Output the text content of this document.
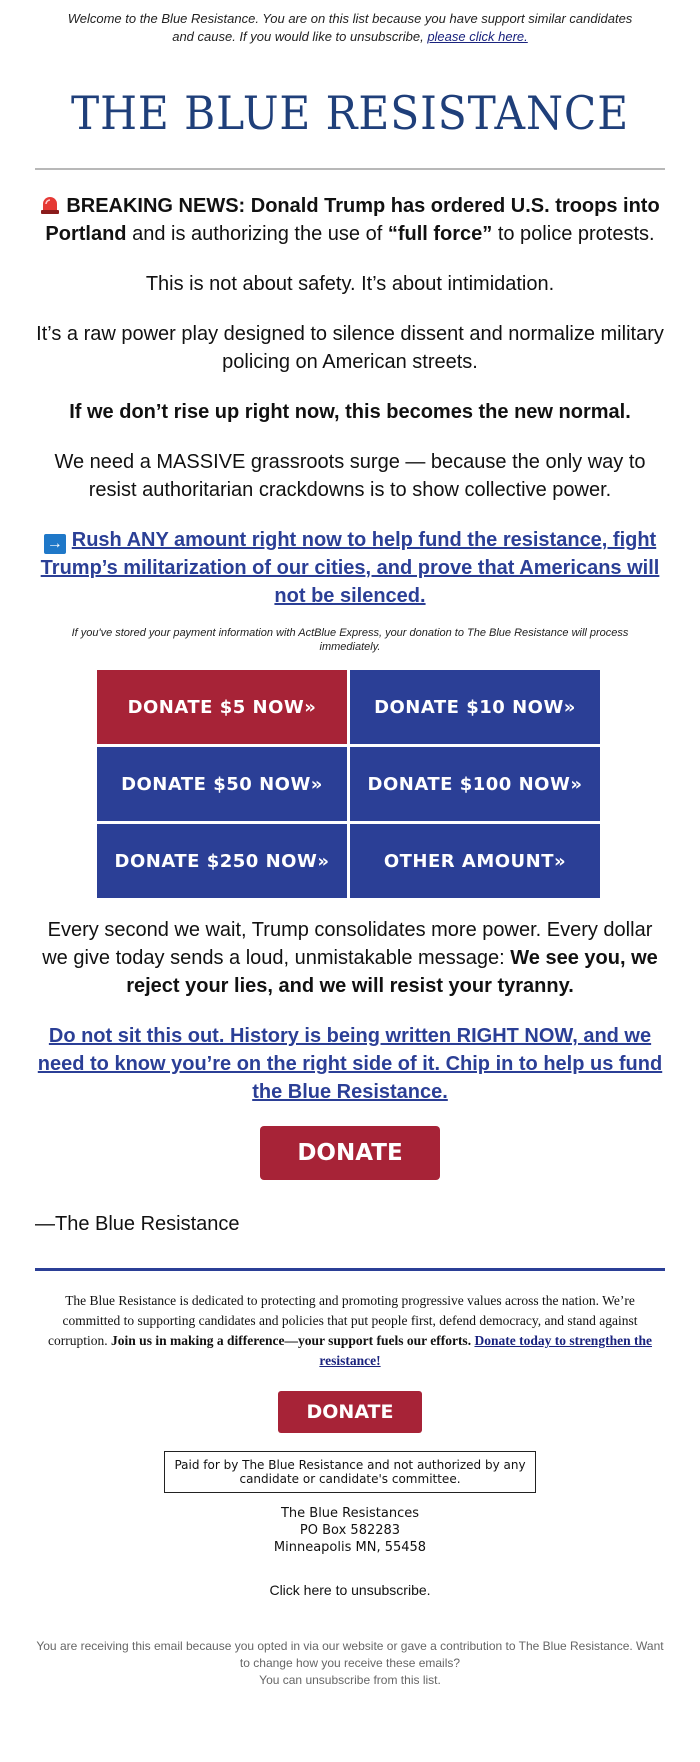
Welcome to the Blue Resistance. You are on this list because you have support similar candidates and cause. If you would like to unsubscribe, please click here.
THE BLUE RESISTANCE

BREAKING NEWS: Donald Trump has ordered U.S. troops into Portland and is authorizing the use of “full force” to police protests.

This is not about safety. It’s about intimidation.

It’s a raw power play designed to silence dissent and normalize military policing on American streets.

If we don’t rise up right now, this becomes the new normal.

We need a MASSIVE grassroots surge — because the only way to resist authoritarian crackdowns is to show collective power.

→ Rush ANY amount right now to help fund the resistance, fight Trump’s militarization of our cities, and prove that Americans will not be silenced.

If you've stored your payment information with ActBlue Express, your donation to The Blue Resistance will process immediately.
DONATE $5 NOW»	DONATE $10 NOW»
DONATE $50 NOW»	DONATE $100 NOW»
DONATE $250 NOW»	OTHER AMOUNT»

Every second we wait, Trump consolidates more power. Every dollar we give today sends a loud, unmistakable message: We see you, we reject your lies, and we will resist your tyranny.

Do not sit this out. History is being written RIGHT NOW, and we need to know you’re on the right side of it. Chip in to help us fund the Blue Resistance.

DONATE
—The Blue Resistance
The Blue Resistance is dedicated to protecting and promoting progressive values across the nation. We’re committed to supporting candidates and policies that put people first, defend democracy, and stand against corruption. Join us in making a difference—your support fuels our efforts. Donate today to strengthen the resistance!
DONATE
Paid for by The Blue Resistance and not authorized by any candidate or candidate's committee.
The Blue Resistances
PO Box 582283
Minneapolis MN, 55458
Click here to unsubscribe.
You are receiving this email because you opted in via our website or gave a contribution to The Blue Resistance. Want to change how you receive these emails?
You can unsubscribe from this list.
